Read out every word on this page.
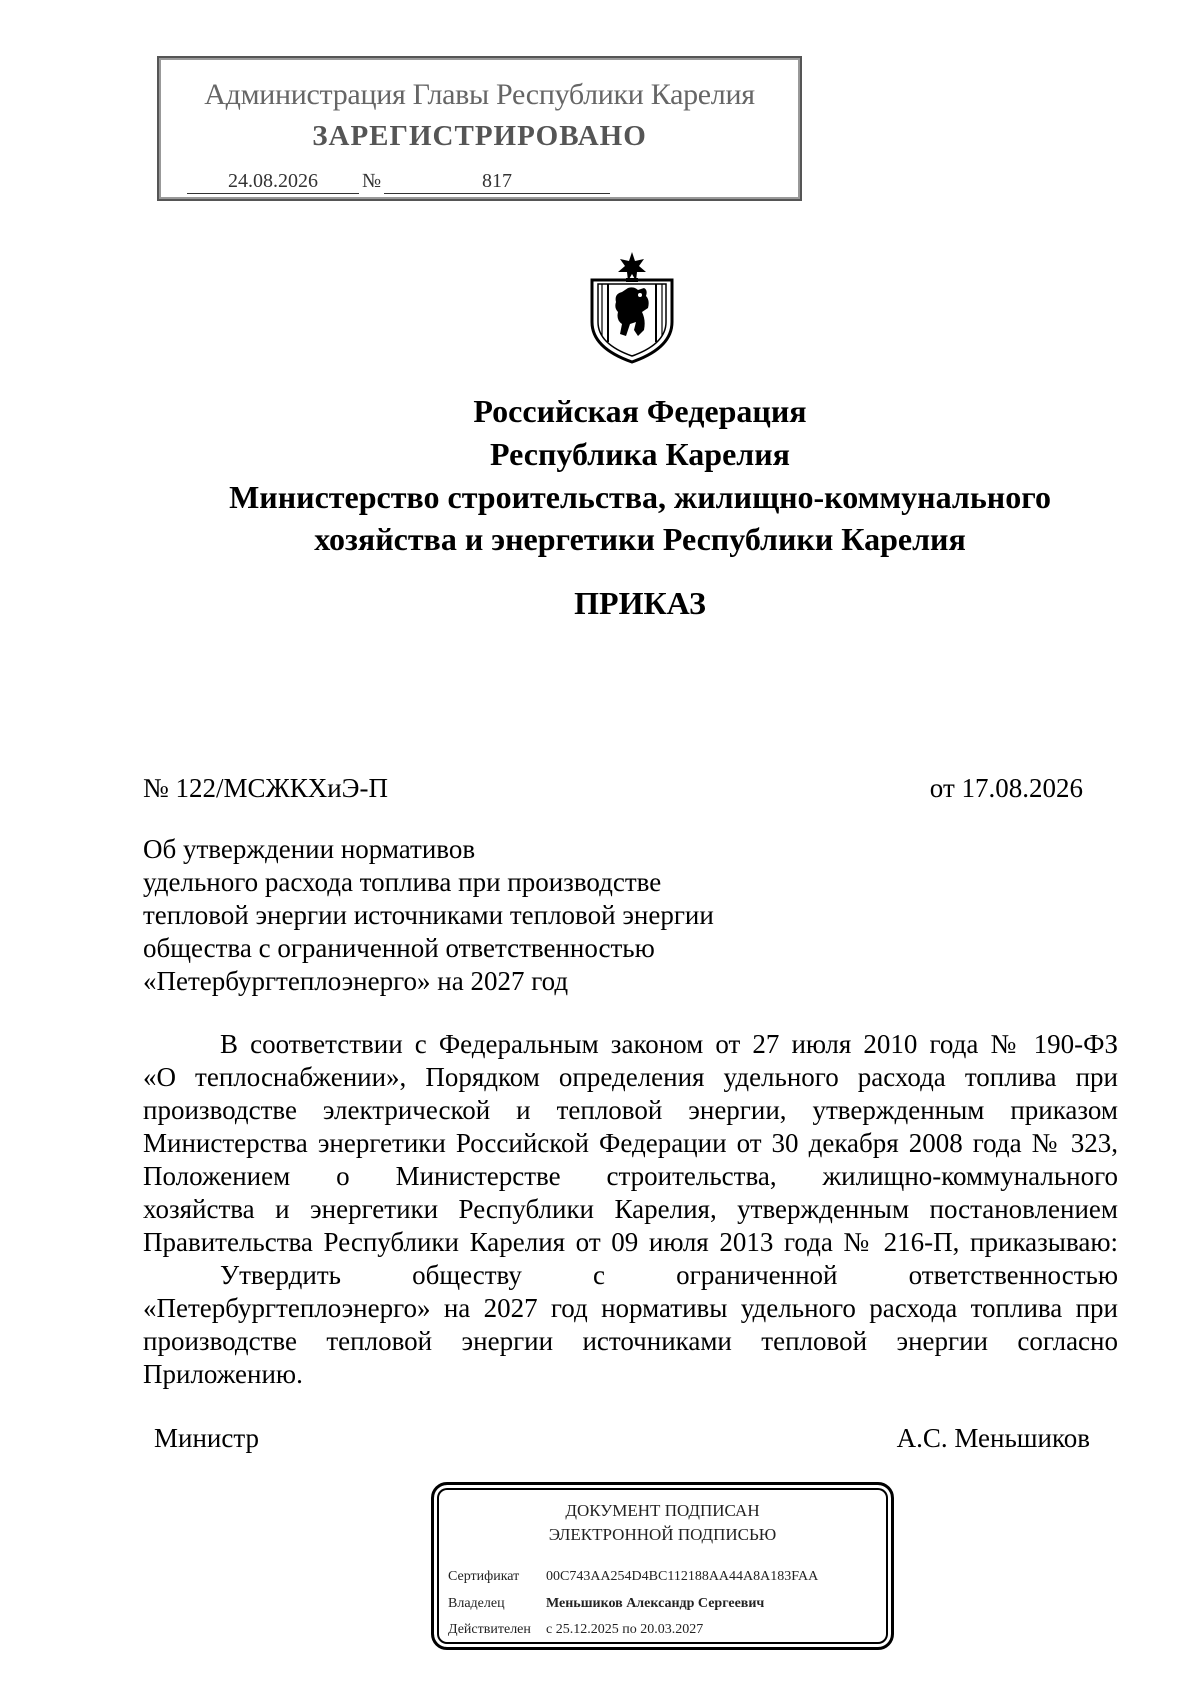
Администрация Главы Республики Карелия
ЗАРЕГИСТРИРОВАНО
24.08.2026	№	817
Российская Федерация
Республика Карелия
Министерство строительства, жилищно-коммунального
хозяйства и энергетики Республики Карелия
ПРИКАЗ
№ 122/МСЖКХиЭ-П	от 17.08.2026
Об утверждении нормативов
удельного расхода топлива при производстве
тепловой энергии источниками тепловой энергии
общества с ограниченной ответственностью
«Петербургтеплоэнерго» на 2027 год
В соответствии с Федеральным законом от 27 июля 2010 года № 190-ФЗ
«О теплоснабжении», Порядком определения удельного расхода топлива при
производстве электрической и тепловой энергии, утвержденным приказом
Министерства энергетики Российской Федерации от 30 декабря 2008 года № 323,
Положением о Министерстве строительства, жилищно-коммунального
хозяйства и энергетики Республики Карелия, утвержденным постановлением
Правительства Республики Карелия от 09 июля 2013 года № 216-П, приказываю:
Утвердить обществу с ограниченной ответственностью
«Петербургтеплоэнерго» на 2027 год нормативы удельного расхода топлива при
производстве тепловой энергии источниками тепловой энергии согласно
Приложению.
Министр	А.С. Меньшиков
ДОКУМЕНТ ПОДПИСАН
ЭЛЕКТРОННОЙ ПОДПИСЬЮ
Сертификат 00C743AA254D4BC112188AA44A8A183FAA
Владелец	Меньшиков Александр Сергеевич
Действителен с 25.12.2025 по 20.03.2027
